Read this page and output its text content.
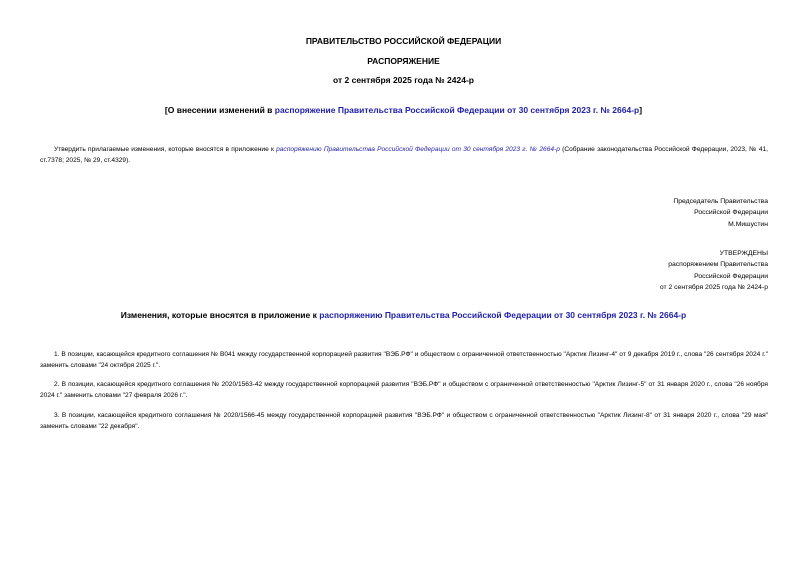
ПРАВИТЕЛЬСТВО РОССИЙСКОЙ ФЕДЕРАЦИИ
РАСПОРЯЖЕНИЕ
от 2 сентября 2025 года № 2424-р
[О внесении изменений в распоряжение Правительства Российской Федерации от 30 сентября 2023 г. № 2664-р]
Утвердить прилагаемые изменения, которые вносятся в приложение к распоряжению Правительства Российской Федерации от 30 сентября 2023 г. № 2664-р (Собрание законодательства Российской Федерации, 2023, № 41, ст.7378; 2025, № 29, ст.4329).
Председатель Правительства
Российской Федерации
М.Мишустин
УТВЕРЖДЕНЫ
распоряжением Правительства
Российской Федерации
от 2 сентября 2025 года № 2424-р
Изменения, которые вносятся в приложение к распоряжению Правительства Российской Федерации от 30 сентября 2023 г. № 2664-р
1. В позиции, касающейся кредитного соглашения № В041 между государственной корпорацией развития "ВЭБ.РФ" и обществом с ограниченной ответственностью "Арктик Лизинг-4" от 9 декабря 2019 г., слова "26 сентября 2024 г." заменить словами "24 октября 2025 г.".
2. В позиции, касающейся кредитного соглашения № 2020/1563-42 между государственной корпорацией развития "ВЭБ.РФ" и обществом с ограниченной ответственностью "Арктик Лизинг-5" от 31 января 2020 г., слова "26 ноября 2024 г." заменить словами "27 февраля 2026 г.".
3. В позиции, касающейся кредитного соглашения № 2020/1566-45 между государственной корпорацией развития "ВЭБ.РФ" и обществом с ограниченной ответственностью "Арктик Лизинг-8" от 31 января 2020 г., слова "29 мая" заменить словами "22 декабря".
